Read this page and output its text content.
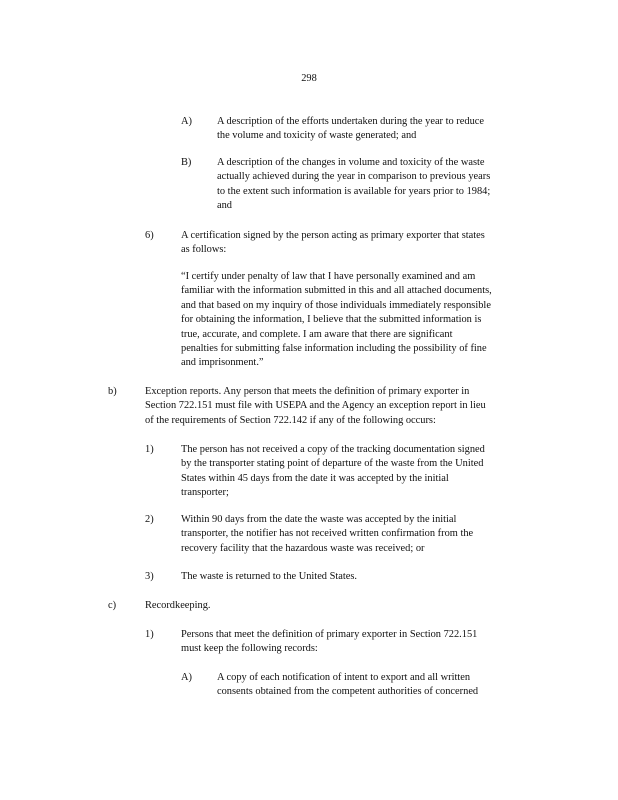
298
A)	A description of the efforts undertaken during the year to reduce
the volume and toxicity of waste generated; and
B)	A description of the changes in volume and toxicity of the waste
actually achieved during the year in comparison to previous years
to the extent such information is available for years prior to 1984;
and
6)	A certification signed by the person acting as primary exporter that states
as follows:
“I certify under penalty of law that I have personally examined and am
familiar with the information submitted in this and all attached documents,
and that based on my inquiry of those individuals immediately responsible
for obtaining the information, I believe that the submitted information is
true, accurate, and complete. I am aware that there are significant
penalties for submitting false information including the possibility of fine
and imprisonment.”
b)	Exception reports. Any person that meets the definition of primary exporter in
Section 722.151 must file with USEPA and the Agency an exception report in lieu
of the requirements of Section 722.142 if any of the following occurs:
1)	The person has not received a copy of the tracking documentation signed
by the transporter stating point of departure of the waste from the United
States within 45 days from the date it was accepted by the initial
transporter;
2)	Within 90 days from the date the waste was accepted by the initial
transporter, the notifier has not received written confirmation from the
recovery facility that the hazardous waste was received; or
3)	The waste is returned to the United States.
c)	Recordkeeping.
1)	Persons that meet the definition of primary exporter in Section 722.151
must keep the following records:
A)	A copy of each notification of intent to export and all written
consents obtained from the competent authorities of concerned
